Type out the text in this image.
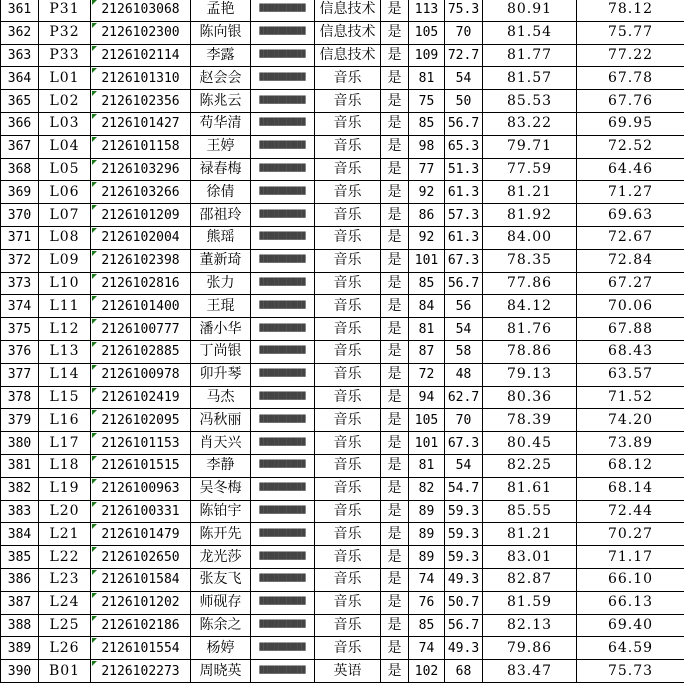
361	P31	2126103068	孟艳	████████████	信息技术	是	113	75.3	80.91	78.12
362	P32	2126102300	陈向银	████████████	信息技术	是	105	70	81.54	75.77
363	P33	2126102114	李露	████████████	信息技术	是	109	72.7	81.77	77.22
364	L01	2126101310	赵会会	████████████	音乐	是	81	54	81.57	67.78
365	L02	2126102356	陈兆云	████████████	音乐	是	75	50	85.53	67.76
366	L03	2126101427	苟华清	████████████	音乐	是	85	56.7	83.22	69.95
367	L04	2126101158	王婷	████████████	音乐	是	98	65.3	79.71	72.52
368	L05	2126103296	禄春梅	████████████	音乐	是	77	51.3	77.59	64.46
369	L06	2126103266	徐倩	████████████	音乐	是	92	61.3	81.21	71.27
370	L07	2126101209	邵祖玲	████████████	音乐	是	86	57.3	81.92	69.63
371	L08	2126102004	熊瑶	████████████	音乐	是	92	61.3	84.00	72.67
372	L09	2126102398	董新琦	████████████	音乐	是	101	67.3	78.35	72.84
373	L10	2126102816	张力	████████████	音乐	是	85	56.7	77.86	67.27
374	L11	2126101400	王琨	████████████	音乐	是	84	56	84.12	70.06
375	L12	2126100777	潘小华	████████████	音乐	是	81	54	81.76	67.88
376	L13	2126102885	丁尚银	████████████	音乐	是	87	58	78.86	68.43
377	L14	2126100978	卯升琴	████████████	音乐	是	72	48	79.13	63.57
378	L15	2126102419	马杰	████████████	音乐	是	94	62.7	80.36	71.52
379	L16	2126102095	冯秋丽	████████████	音乐	是	105	70	78.39	74.20
380	L17	2126101153	肖天兴	████████████	音乐	是	101	67.3	80.45	73.89
381	L18	2126101515	李静	████████████	音乐	是	81	54	82.25	68.12
382	L19	2126100963	吴冬梅	████████████	音乐	是	82	54.7	81.61	68.14
383	L20	2126100331	陈铂宇	████████████	音乐	是	89	59.3	85.55	72.44
384	L21	2126101479	陈开先	████████████	音乐	是	89	59.3	81.21	70.27
385	L22	2126102650	龙光莎	████████████	音乐	是	89	59.3	83.01	71.17
386	L23	2126101584	张友飞	████████████	音乐	是	74	49.3	82.87	66.10
387	L24	2126101202	师砚存	████████████	音乐	是	76	50.7	81.59	66.13
388	L25	2126102186	陈余之	████████████	音乐	是	85	56.7	82.13	69.40
389	L26	2126101554	杨婷	████████████	音乐	是	74	49.3	79.86	64.59
390	B01	2126102273	周晓英	████████████	英语	是	102	68	83.47	75.73
